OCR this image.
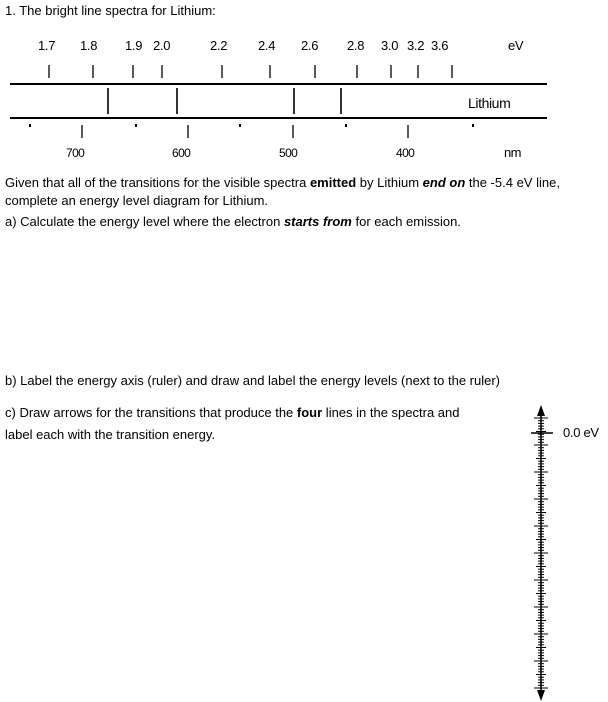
1. The bright line spectra for Lithium:
1.7 1.8 1.9 2.0	2.2 2.4 2.6 2.8 3.0 3.2 3.6	eV
Lithium
700	600	500	400	nm
Given that all of the transitions for the visible spectra emitted by Lithium end on the -5.4 eV line,
complete an energy level diagram for Lithium.
a) Calculate the energy level where the electron starts from for each emission.
b) Label the energy axis (ruler) and draw and label the energy levels (next to the ruler)
c) Draw arrows for the transitions that produce the four lines in the spectra and
label each with the transition energy.	0.0 eV
